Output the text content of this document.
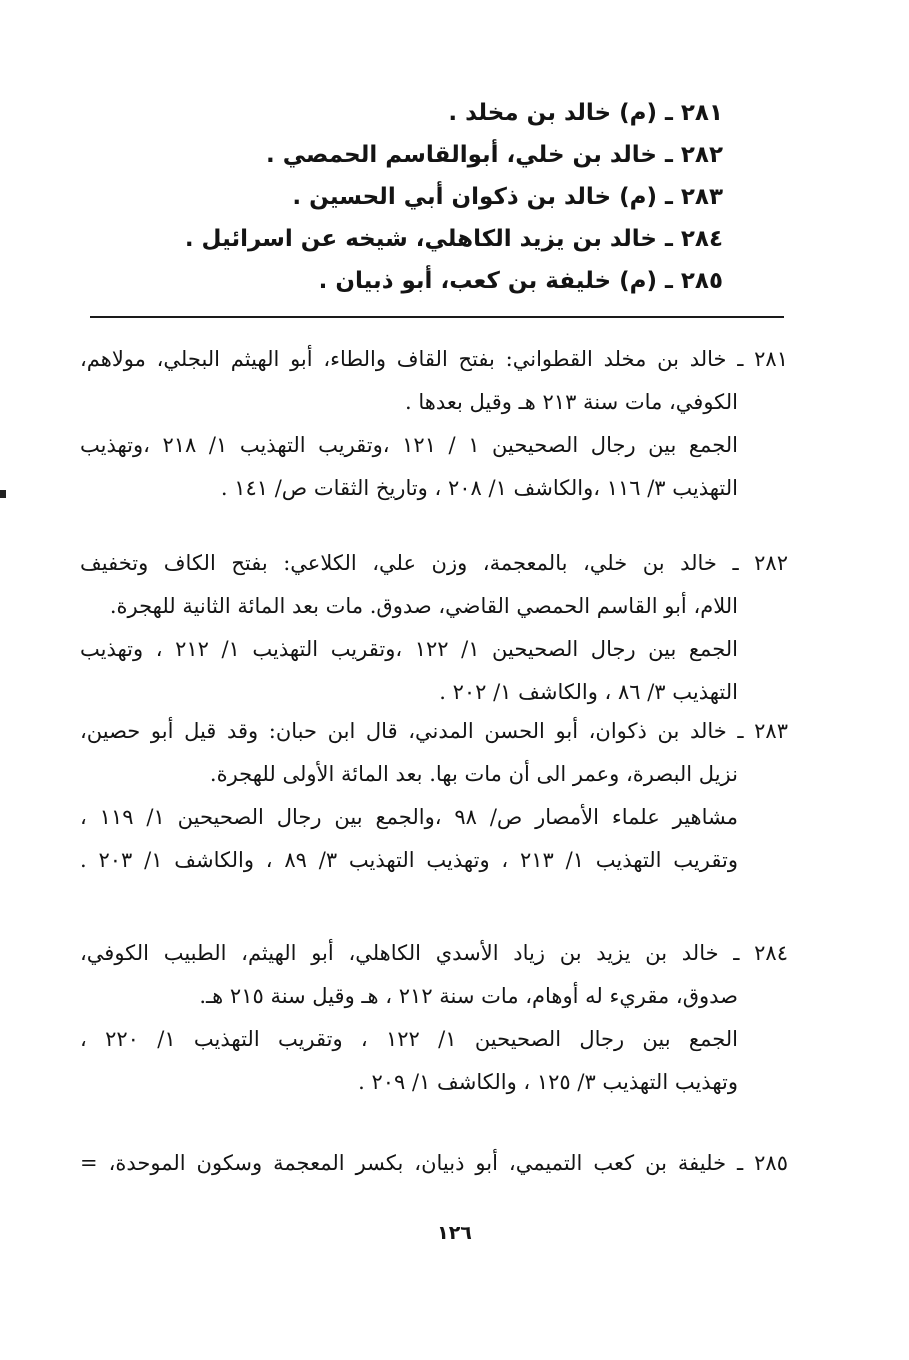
٢٨١ ـ (م) خالد بن مخلد .
٢٨٢ ـ خالد بن خلي، أبوالقاسم الحمصي .
٢٨٣ ـ (م) خالد بن ذكوان أبي الحسين .
٢٨٤ ـ خالد بن يزيد الكاهلي، شيخه عن اسرائيل .
٢٨٥ ـ (م) خليفة بن كعب، أبو ذبيان .
٢٨١ ـ خالد بن مخلد القطواني: بفتح القاف والطاء، أبو الهيثم البجلي، مولاهم،
الكوفي، مات سنة ٢١٣ هـ وقيل بعدها .
الجمع بين رجال الصحيحين ١ / ١٢١ ،وتقريب التهذيب ١/ ٢١٨ ،وتهذيب
التهذيب ٣/ ١١٦ ،والكاشف ١/ ٢٠٨ ، وتاريخ الثقات ص/ ١٤١ .
٢٨٢ ـ خالد بن خلي، بالمعجمة، وزن علي، الكلاعي: بفتح الكاف وتخفيف
اللام، أبو القاسم الحمصي القاضي، صدوق. مات بعد المائة الثانية للهجرة.
الجمع بين رجال الصحيحين ١/ ١٢٢ ،وتقريب التهذيب ١/ ٢١٢ ، وتهذيب
التهذيب ٣/ ٨٦ ، والكاشف ١/ ٢٠٢ .
٢٨٣ ـ خالد بن ذكوان، أبو الحسن المدني، قال ابن حبان: وقد قيل أبو حصين،
نزيل البصرة، وعمر الى أن مات بها. بعد المائة الأولى للهجرة.
مشاهير علماء الأمصار ص/ ٩٨ ،والجمع بين رجال الصحيحين ١/ ١١٩ ،
وتقريب التهذيب ١/ ٢١٣ ، وتهذيب التهذيب ٣/ ٨٩ ، والكاشف ١/ ٢٠٣ .
٢٨٤ ـ خالد بن يزيد بن زياد الأسدي الكاهلي، أبو الهيثم، الطبيب الكوفي،
صدوق، مقريء له أوهام، مات سنة ٢١٢ ، هـ وقيل سنة ٢١٥ هـ.
الجمع بين رجال الصحيحين ١/ ١٢٢ ، وتقريب التهذيب ١/ ٢٢٠ ،
وتهذيب التهذيب ٣/ ١٢٥ ، والكاشف ١/ ٢٠٩ .
٢٨٥ ـ خليفة بن كعب التميمي، أبو ذبيان، بكسر المعجمة وسكون الموحدة، =
١٢٦
